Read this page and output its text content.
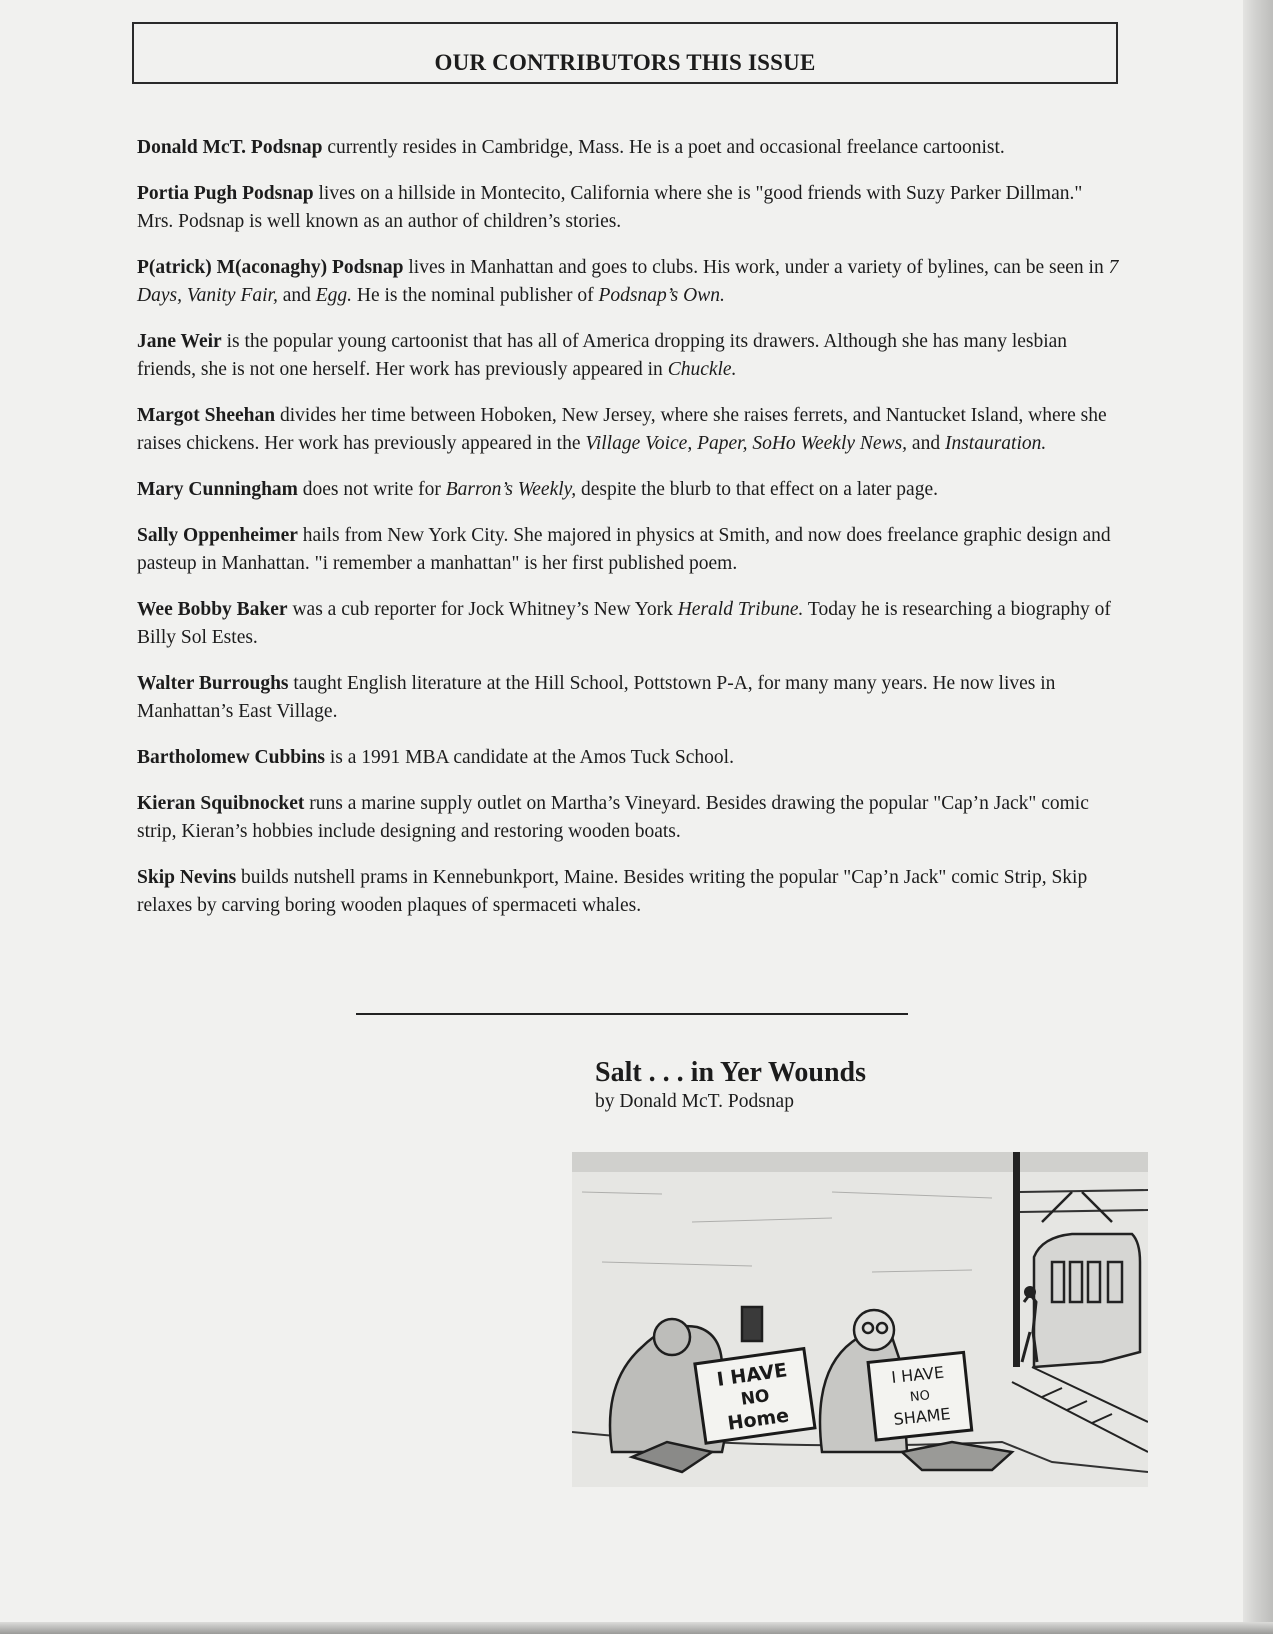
OUR CONTRIBUTORS THIS ISSUE

Donald McT. Podsnap currently resides in Cambridge, Mass. He is a poet and occasional freelance cartoonist.

Portia Pugh Podsnap lives on a hillside in Montecito, California where she is "good friends with Suzy Parker Dillman." Mrs. Podsnap is well known as an author of children’s stories.

P(atrick) M(aconaghy) Podsnap lives in Manhattan and goes to clubs. His work, under a variety of bylines, can be seen in 7 Days, Vanity Fair, and Egg. He is the nominal publisher of Podsnap’s Own.

Jane Weir is the popular young cartoonist that has all of America dropping its drawers. Although she has many lesbian friends, she is not one herself. Her work has previously appeared in Chuckle.

Margot Sheehan divides her time between Hoboken, New Jersey, where she raises ferrets, and Nantucket Island, where she raises chickens. Her work has previously appeared in the Village Voice, Paper, SoHo Weekly News, and Instauration.

Mary Cunningham does not write for Barron’s Weekly, despite the blurb to that effect on a later page.

Sally Oppenheimer hails from New York City. She majored in physics at Smith, and now does freelance graphic design and pasteup in Manhattan. "i remember a manhattan" is her first published poem.

Wee Bobby Baker was a cub reporter for Jock Whitney’s New York Herald Tribune. Today he is researching a biography of Billy Sol Estes.

Walter Burroughs taught English literature at the Hill School, Pottstown P-A, for many many years. He now lives in Manhattan’s East Village.

Bartholomew Cubbins is a 1991 MBA candidate at the Amos Tuck School.

Kieran Squibnocket runs a marine supply outlet on Martha’s Vineyard. Besides drawing the popular "Cap’n Jack" comic strip, Kieran’s hobbies include designing and restoring wooden boats.

Skip Nevins builds nutshell prams in Kennebunkport, Maine. Besides writing the popular "Cap’n Jack" comic Strip, Skip relaxes by carving boring wooden plaques of spermaceti whales.

Salt . . . in Yer Wounds
by Donald McT. Podsnap
I HAVE
NO
Home
I HAVE
NO
SHAME
